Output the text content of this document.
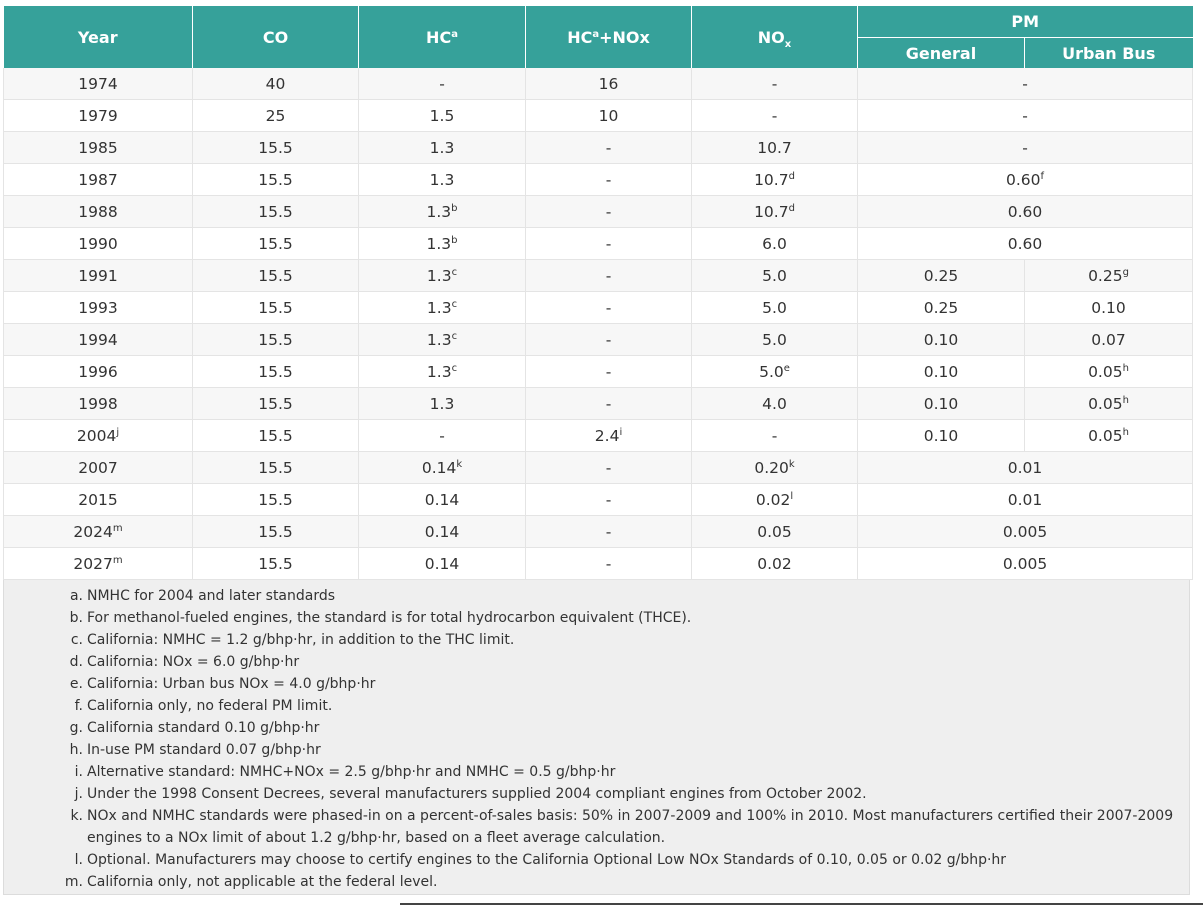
Year	CO	$HC^a$	$HC^a+NOx$	$NO_x$	PM	
					General	Urban Bus
1974	40	-	16	-	-	
1979	25	1.5	10	-	-	
1985	15.5	1.3	-	10.7	-	
1987	15.5	1.3	-	10.7$^d$	0.60$^f$
1988	15.5	1.3$^b$	-	10.7$^d$	0.60	
1990	15.5	1.3$^b$	-	6.0	0.60	
1991	15.5	1.3$^c$	-	5.0	0.25	0.25$^g$
1993	15.5	1.3$^c$	-	5.0	0.25	0.10
1994	15.5	1.3$^c$	-	5.0	0.10	0.07
1996	15.5	1.3$^c$	-	5.0e	0.10	0.05$^h$
1998	15.5	1.3	-	4.0	0.10	0.05$^h$
2004$^j$	15.5	-	2.4$^i$	-	0.10	0.05$^h$
2007	15.5	0.14$^k$	-	0.20$^k$	0.01	
2015	15.5	0.14	-	0.02$^l$	0.01	
2024$^m$	15.5	0.14	-	0.05	0.005	
2027$^m$	15.5	0.14	-	0.02	0.005	
a. NMHC for 2004 and later standards
b. For methanol-fueled engines, the standard is for total hydrocarbon equivalent (THCE).
c. California: NMHC = 1.2 g/bhp·hr, in addition to the THC limit.
d. California: NOx = 6.0 g/bhp·hr
e. California: Urban bus NOx = 4.0 g/bhp·hr
f. California only, no federal PM limit.
g. California standard 0.10 g/bhp·hr
h. In-use PM standard 0.07 g/bhp·hr
i. Alternative standard: NMHC+NOx = 2.5 g/bhp·hr and NMHC = 0.5 g/bhp·hr
j. Under the 1998 Consent Decrees, several manufacturers supplied 2004 compliant engines from October 2002.
k. NOx and NMHC standards were phased-in on a percent-of-sales basis: 50% in 2007-2009 and 100% in 2010. Most manufacturers certified their 2007-2009 engines to a NOx limit of about 1.2 g/bhp·hr, based on a fleet average calculation.
l. Optional. Manufacturers may choose to certify engines to the California Optional Low NOx Standards of 0.10, 0.05 or 0.02 g/bhp·hr
m. California only, not applicable at the federal level.
